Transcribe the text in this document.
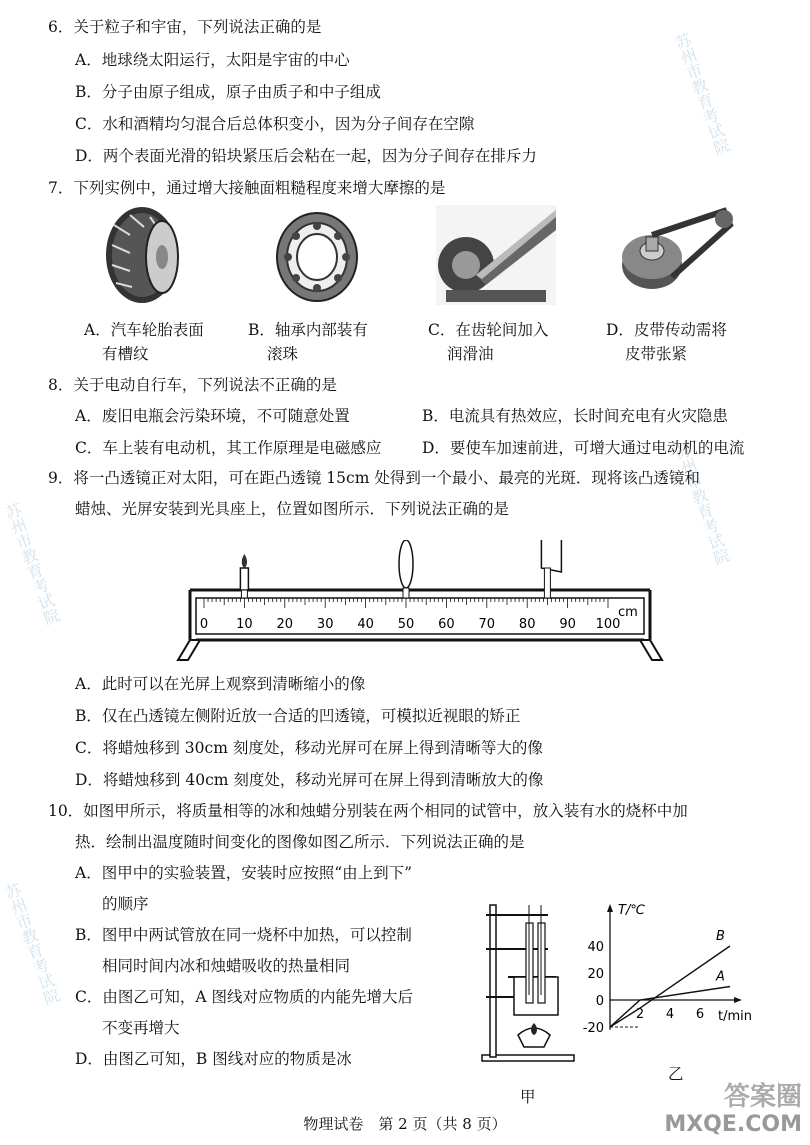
苏州市教育考试院
苏州市教育考试院
苏州市教育考试院
苏州市教育考试院
6．关于粒子和宇宙，下列说法正确的是
A．地球绕太阳运行，太阳是宇宙的中心
B．分子由原子组成，原子由质子和中子组成
C．水和酒精均匀混合后总体积变小，因为分子间存在空隙
D．两个表面光滑的铅块紧压后会粘在一起，因为分子间存在排斥力
7．下列实例中，通过增大接触面粗糙程度来增大摩擦的是
A．汽车轮胎表面
有槽纹
B．轴承内部装有
滚珠
C．在齿轮间加入
润滑油
D．皮带传动需将
皮带张紧
8．关于电动自行车，下列说法不正确的是
A．废旧电瓶会污染环境，不可随意处置	B．电流具有热效应，长时间充电有火灾隐患
C．车上装有电动机，其工作原理是电磁感应	D．要使车加速前进，可增大通过电动机的电流
9．将一凸透镜正对太阳，可在距凸透镜 15cm 处得到一个最小、最亮的光斑．现将该凸透镜和
蜡烛、光屏安装到光具座上，位置如图所示．下列说法正确的是
0 10 20 30 40 50 60 70 80 90 100
cm
A．此时可以在光屏上观察到清晰缩小的像
B．仅在凸透镜左侧附近放一合适的凹透镜，可模拟近视眼的矫正
C．将蜡烛移到 30cm 刻度处，移动光屏可在屏上得到清晰等大的像
D．将蜡烛移到 40cm 刻度处，移动光屏可在屏上得到清晰放大的像
10．如图甲所示，将质量相等的冰和烛蜡分别装在两个相同的试管中，放入装有水的烧杯中加
热．绘制出温度随时间变化的图像如图乙所示．下列说法正确的是
A．图甲中的实验装置，安装时应按照“由上到下”
的顺序
B．图甲中两试管放在同一烧杯中加热，可以控制
相同时间内冰和烛蜡吸收的热量相同
C．由图乙可知，A 图线对应物质的内能先增大后
不变再增大
D．由图乙可知，B 图线对应的物质是冰
甲
T/℃
t/min
40
20
0
-20
2 4 6
A
B
乙
物理试卷　第 2 页（共 8 页）
答案圈
MXQE.COM
